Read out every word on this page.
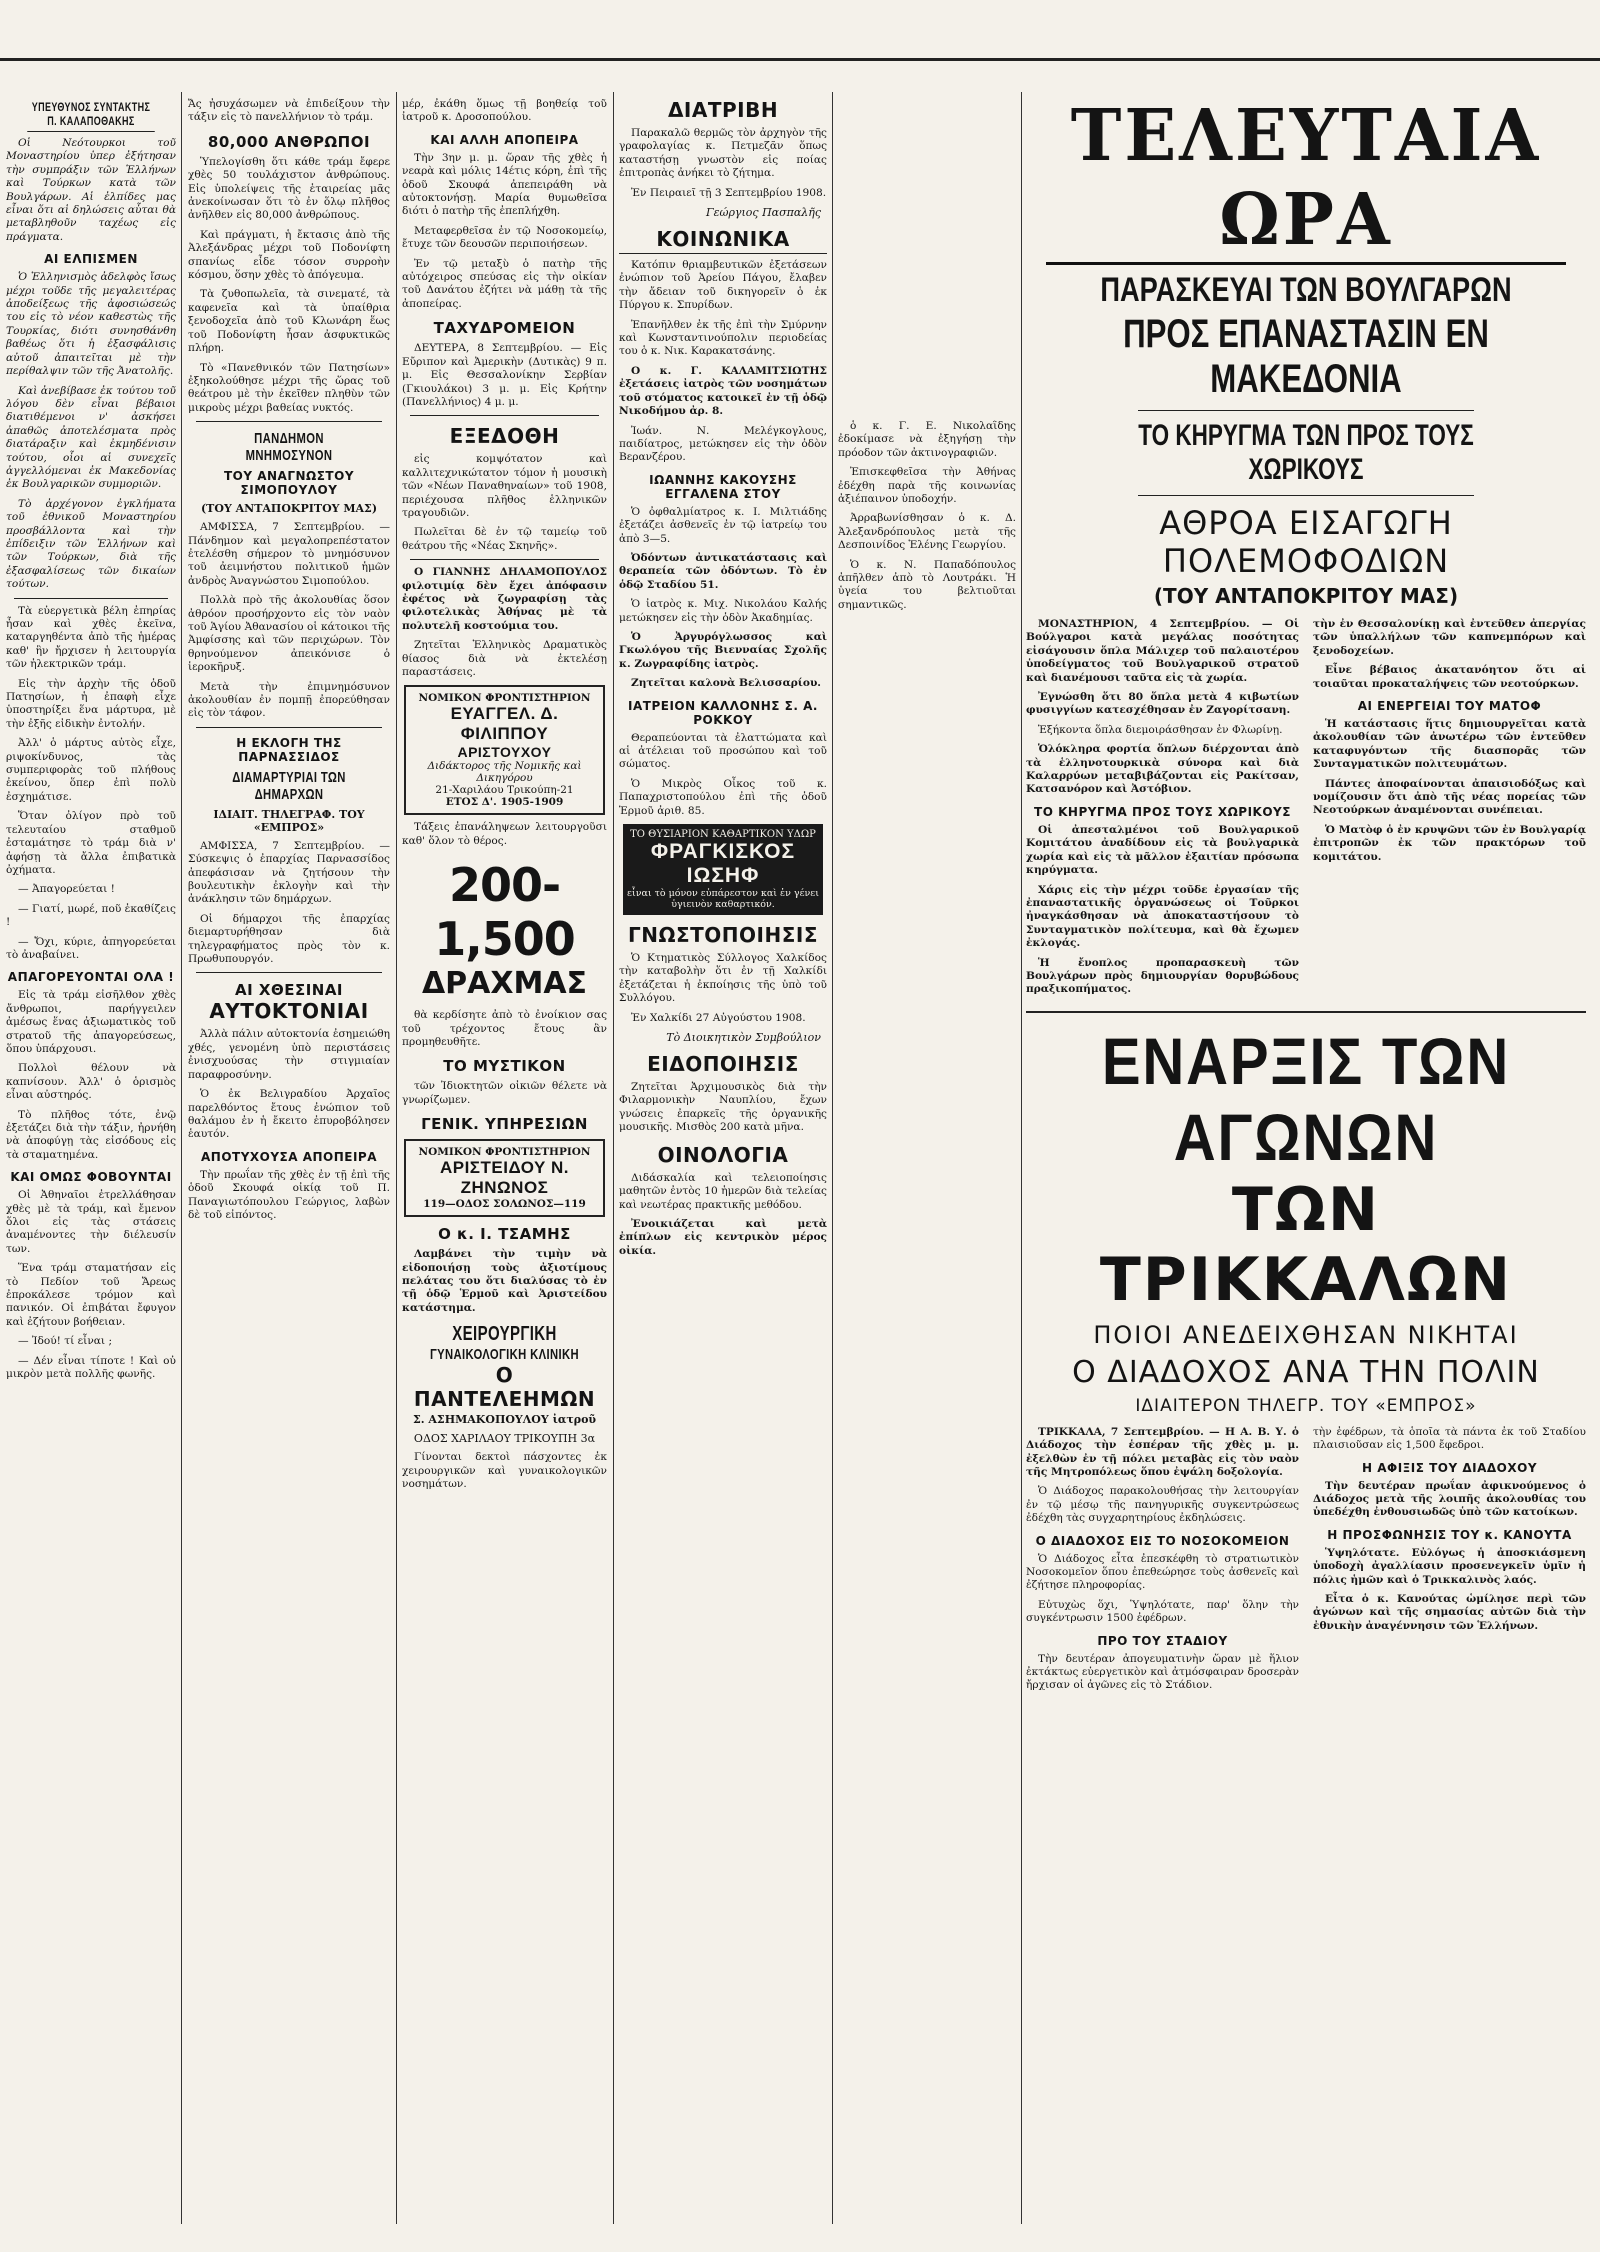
ΥΠΕΥΘΥΝΟΣ ΣΥΝΤΑΚΤΗΣ Π. ΚΑΛΑΠΟΘΑΚΗΣ

Οἱ Νεότουρκοι τοῦ Μοναστηρίου ὑπερ ἐξήτησαν τὴν συμπράξιν τῶν Ἑλλήνων καὶ Τούρκων κατὰ τῶν Βουλγάρων. Αἱ ἐλπίδες μας εἶναι ὅτι αἱ δηλώσεις αὗται θὰ μεταβληθοῦν ταχέως εἰς πράγματα.

ΑΙ ΕΛΠΙΣΜΕΝ

Ὁ Ἑλληνισμὸς ἀδελφὸς ἴσως μέχρι τοῦδε τῆς μεγαλειτέρας ἀποδείξεως τῆς ἀφοσιώσεώς του εἰς τὸ νέον καθεστὼς τῆς Τουρκίας, διότι συνησθάνθη βαθέως ὅτι ἡ ἐξασφάλισις αὐτοῦ ἀπαιτεῖται μὲ τὴν περίθαλψιν τῶν τῆς Ἀνατολῆς.

Καὶ ἀνεβίβασε ἐκ τούτου τοῦ λόγου δὲν εἶναι βέβαιοι διατιθέμενοι ν' ἀσκήσει ἀπαθῶς ἀποτελέσματα πρὸς διατάραξιν καὶ ἐκμηδένισιν τούτου, οἷοι αἱ συνεχεῖς ἀγγελλόμεναι ἐκ Μακεδονίας ἐκ Βουλγαρικῶν συμμοριῶν.

Τὸ ἀρχέγονον ἐγκλήματα τοῦ ἐθνικοῦ Μοναστηρίου προσβάλλοντα καὶ τὴν ἐπίδειξιν τῶν Ἑλλήνων καὶ τῶν Τούρκων, διὰ τῆς ἐξασφαλίσεως τῶν δικαίων τούτων.

Τὰ εὐεργετικὰ βέλη ἐπηρίας ἦσαν καὶ χθὲς ἐκεῖνα, καταργηθέντα ἀπὸ τῆς ἡμέρας καθ' ἣν ἤρχισεν ἡ λειτουργία τῶν ἠλεκτρικῶν τράμ.

Εἰς τὴν ἀρχὴν τῆς ὁδοῦ Πατησίων, ἡ ἐπαφὴ εἶχε ὑποστηρίξει ἕνα μάρτυρα, μὲ τὴν ἐξῆς εἰδικὴν ἐντολήν.

Ἀλλ' ὁ μάρτυς αὐτὸς εἶχε, ριψοκίνδυνος, τὰς συμπεριφορὰς τοῦ πλήθους ἐκείνου, ὅπερ ἐπὶ πολὺ ἐσχημάτισε.

Ὅταν ὀλίγον πρὸ τοῦ τελευταίου σταθμοῦ ἐσταμάτησε τὸ τράμ διὰ ν' ἀφήσῃ τὰ ἄλλα ἐπιβατικὰ ὀχήματα.

— Ἀπαγορεύεται !

— Γιατί, μωρέ, ποῦ ἐκαθίζεις !

— Ὄχι, κύριε, ἀπηγορεύεται τὸ ἀναβαίνει.

ΑΠΑΓΟΡΕΥΟΝΤΑΙ ΟΛΑ !

Εἰς τὰ τράμ εἰσῆλθον χθὲς ἄνθρωποι, παρήγγειλεν ἀμέσως ἕνας ἀξιωματικὸς τοῦ στρατοῦ τῆς ἀπαγορεύσεως, ὅπου ὑπάρχουσι.

Πολλοὶ θέλουν νὰ καπνίσουν. Ἀλλ' ὁ ὁρισμὸς εἶναι αὐστηρός.

Τὸ πλῆθος τότε, ἐνῷ ἐξετάζει διὰ τὴν τάξιν, ἠρνήθη νὰ ἀποφύγῃ τὰς εἰσόδους εἰς τὰ σταματημένα.

ΚΑΙ ΟΜΩΣ ΦΟΒΟΥΝΤΑΙ

Οἱ Ἀθηναῖοι ἐτρελλάθησαν χθὲς μὲ τὰ τράμ, καὶ ἔμενον ὅλοι εἰς τὰς στάσεις ἀναμένοντες τὴν διέλευσίν των.

Ἕνα τράμ σταματήσαν εἰς τὸ Πεδίον τοῦ Ἄρεως ἐπροκάλεσε τρόμον καὶ πανικόν. Οἱ ἐπιβάται ἔφυγον καὶ ἐζήτουν βοήθειαν.

— Ἰδού! τί εἶναι ;

— Δέν εἶναι τίποτε ! Καὶ οὐ μικρὸν μετὰ πολλῆς φωνῆς.

Ἄς ἠσυχάσωμεν νὰ ἐπιδείξουν τὴν τάξιν εἰς τὸ πανελλήνιον τὸ τράμ.

80,000 ΑΝΘΡΩΠΟΙ

Ὑπελογίσθη ὅτι κάθε τράμ ἔφερε χθὲς 50 τουλάχιστον ἀνθρώπους. Εἰς ὑπολείψεις τῆς ἑταιρείας μᾶς ἀνεκοίνωσαν ὅτι τὸ ἐν ὅλῳ πλῆθος ἀνῆλθεν εἰς 80,000 ἀνθρώπους.

Καὶ πράγματι, ἡ ἔκτασις ἀπὸ τῆς Ἀλεξάνδρας μέχρι τοῦ Ποδονίφτη σπανίως εἶδε τόσον συρροὴν κόσμου, ὅσην χθὲς τὸ ἀπόγευμα.

Τὰ ζυθοπωλεῖα, τὰ σινεματέ, τὰ καφενεῖα καὶ τὰ ὑπαίθρια ξενοδοχεῖα ἀπὸ τοῦ Κλωνάρη ἕως τοῦ Ποδονίφτη ἦσαν ἀσφυκτικῶς πλήρη.

Τὸ «Πανεθνικόν τῶν Πατησίων» ἐξηκολούθησε μέχρι τῆς ὥρας τοῦ θεάτρου μὲ τὴν ἐκεῖθεν πληθὺν τῶν μικροὺς μέχρι βαθείας νυκτός.

ΠΑΝΔΗΜΟΝ ΜΝΗΜΟΣΥΝΟΝ
ΤΟΥ ΑΝΑΓΝΩΣΤΟΥ ΣΙΜΟΠΟΥΛΟΥ
(ΤΟΥ ΑΝΤΑΠΟΚΡΙΤΟΥ ΜΑΣ)

ΑΜΦΙΣΣΑ, 7 Σεπτεμβρίου. — Πάνδημον καὶ μεγαλοπρεπέστατον ἐτελέσθη σήμερον τὸ μνημόσυνον τοῦ ἀειμνήστου πολιτικοῦ ἡμῶν ἀνδρὸς Ἀναγνώστου Σιμοπούλου.

Πολλὰ πρὸ τῆς ἀκολουθίας ὅσον ἀθρόον προσήρχοντο εἰς τὸν ναὸν τοῦ Ἁγίου Ἀθανασίου οἱ κάτοικοι τῆς Ἀμφίσσης καὶ τῶν περιχώρων. Τὸν θρηνούμενον ἀπεικόνισε ὁ ἱεροκῆρυξ.

Μετὰ τὴν ἐπιμνημόσυνον ἀκολουθίαν ἐν πομπῇ ἐπορεύθησαν εἰς τὸν τάφον.

Η ΕΚΛΟΓΗ ΤΗΣ ΠΑΡΝΑΣΣΙΔΟΣ
ΔΙΑΜΑΡΤΥΡΙΑΙ ΤΩΝ ΔΗΜΑΡΧΩΝ
ΙΔΙΑΙΤ. ΤΗΛΕΓΡΑΦ. ΤΟΥ «ΕΜΠΡΟΣ»

ΑΜΦΙΣΣΑ, 7 Σεπτεμβρίου. — Σύσκεψις ὁ ἐπαρχίας Παρνασσίδος ἀπεφάσισαν νὰ ζητήσουν τὴν βουλευτικὴν ἐκλογὴν καὶ τὴν ἀνάκλησιν τῶν δημάρχων.

Οἱ δήμαρχοι τῆς ἐπαρχίας διεμαρτυρήθησαν διὰ τηλεγραφήματος πρὸς τὸν κ. Πρωθυπουργόν.

ΑΙ ΧΘΕΣΙΝΑΙ
ΑΥΤΟΚΤΟΝΙΑΙ

Ἀλλὰ πάλιν αὐτοκτονία ἐσημειώθη χθές, γενομένη ὑπὸ περιστάσεις ἐνισχυούσας τὴν στιγμιαίαν παραφροσύνην.

Ὁ ἐκ Βελιγραδίου Ἀρχαῖος παρελθόντος ἔτους ἐνώπιον τοῦ θαλάμου ἐν ἡ ἔκειτο ἐπυροβόλησεν ἑαυτόν.

ΑΠΟΤΥΧΟΥΣΑ ΑΠΟΠΕΙΡΑ

Τὴν πρωΐαν τῆς χθὲς ἐν τῇ ἐπὶ τῆς ὁδοῦ Σκουφά οἰκίᾳ τοῦ Π. Παναγιωτόπουλου Γεώργιος, λαβὼν δὲ τοῦ εἰπόντος.

μέρ, ἐκάθη ὅμως τῇ βοηθείᾳ τοῦ ἰατροῦ κ. Δροσοπούλου.

ΚΑΙ ΑΛΛΗ ΑΠΟΠΕΙΡΑ

Τὴν 3ην μ. μ. ὥραν τῆς χθὲς ἡ νεαρὰ καὶ μόλις 14έτις κόρη, ἐπὶ τῆς ὁδοῦ Σκουφά ἀπεπειράθη νὰ αὐτοκτονήσῃ. Μαρία θυμωθεῖσα διότι ὁ πατὴρ τῆς ἐπεπλήχθη.

Μεταφερθεῖσα ἐν τῷ Νοσοκομείῳ, ἔτυχε τῶν δεουσῶν περιποιήσεων.

Ἐν τῷ μεταξὺ ὁ πατὴρ τῆς αὐτόχειρος σπεύσας εἰς τὴν οἰκίαν τοῦ Δανάτου ἐζήτει νὰ μάθῃ τὰ τῆς ἀποπείρας.

ΤΑΧΥΔΡΟΜΕΙΟΝ

ΔΕΥΤΕΡΑ, 8 Σεπτεμβρίου. — Εἰς Εὔριπον καὶ Ἀμερικὴν (Δυτικὰς) 9 π. μ. Εἰς Θεσσαλονίκην Σερβίαν (Γκιουλάκοι) 3 μ. μ. Εἰς Κρήτην (Πανελλήνιος) 4 μ. μ.

ΕΞΕΔΟΘΗ

εἰς κομψότατον καὶ καλλιτεχνικώτατον τόμον ἡ μουσικὴ τῶν «Νέων Παναθηναίων» τοῦ 1908, περιέχουσα πλῆθος ἑλληνικῶν τραγουδιῶν.

Πωλεῖται δὲ ἐν τῷ ταμείῳ τοῦ θεάτρου τῆς «Νέας Σκηνῆς».

Ο ΓΙΑΝΝΗΣ ΔΗΛΑΜΟΠΟΥΛΟΣ φιλοτιμίᾳ δὲν ἔχει ἀπόφασιν ἐφέτος νὰ ζωγραφίσῃ τὰς φιλοτελικὰς Ἀθήνας μὲ τὰ πολυτελῆ κοστούμια του.

Ζητεῖται Ἑλληνικὸς Δραματικὸς θίασος διὰ νὰ ἐκτελέσῃ παραστάσεις.

ΝΟΜΙΚΟΝ ΦΡΟΝΤΙΣΤΗΡΙΟΝ
ΕΥΑΓΓΕΛ. Δ. ΦΙΛΙΠΠΟΥ
ΑΡΙΣΤΟΥΧΟΥ
Διδάκτορος τῆς Νομικῆς καὶ Δικηγόρου
21-Χαριλάου Τρικούπη-21
ΕΤΟΣ Δ'. 1905-1909

Τάξεις ἐπανάληψεων λειτουργοῦσι καθ' ὅλον τὸ θέρος.

200-1,500
ΔΡΑΧΜΑΣ

θὰ κερδίσητε ἀπὸ τὸ ἐνοίκιον σας τοῦ τρέχοντος ἔτους ἂν προμηθευθῆτε.

ΤΟ ΜΥΣΤΙΚΟΝ

τῶν Ἰδιοκτητῶν οἰκιῶν θέλετε νὰ γνωρίζωμεν.

ΓΕΝΙΚ. ΥΠΗΡΕΣΙΩΝ
ΝΟΜΙΚΟΝ ΦΡΟΝΤΙΣΤΗΡΙΟΝ
ΑΡΙΣΤΕΙΔΟΥ Ν. ΖΗΝΩΝΟΣ
119—ΟΔΟΣ ΣΟΛΩΝΟΣ—119
Ο κ. Ι. ΤΣΑΜΗΣ

Λαμβάνει τὴν τιμὴν νὰ εἰδοποιήσῃ τοὺς ἀξιοτίμους πελάτας του ὅτι διαλύσας τὸ ἐν τῇ ὁδῷ Ἑρμοῦ καὶ Ἀριστείδου κατάστημα.

ΧΕΙΡΟΥΡΓΙΚΗ
ΓΥΝΑΙΚΟΛΟΓΙΚΗ ΚΛΙΝΙΚΗ
Ο ΠΑΝΤΕΛΕΗΜΩΝ
Σ. ΑΣΗΜΑΚΟΠΟΥΛΟΥ ἰατροῦ
ΟΔΟΣ ΧΑΡΙΛΑΟΥ ΤΡΙΚΟΥΠΗ 3α

Γίνονται δεκτοὶ πάσχοντες ἐκ χειρουργικῶν καὶ γυναικολογικῶν νοσημάτων.

ΔΙΑΤΡΙΒΗ

Παρακαλῶ θερμῶς τὸν ἀρχηγὸν τῆς γραφολαγίας κ. Πετμεζᾶν ὅπως καταστήσῃ γνωστὸν εἰς ποίας ἐπιτροπὰς ἀνήκει τὸ ζήτημα.

Ἐν Πειραιεῖ τῇ 3 Σεπτεμβρίου 1908.

Γεώργιος Πασπαλῆς
ΚΟΙΝΩΝΙΚΑ

Κατόπιν θριαμβευτικῶν ἐξετάσεων ἐνώπιον τοῦ Ἀρείου Πάγου, ἔλαβεν τὴν ἄδειαν τοῦ δικηγορεῖν ὁ ἐκ Πύργου κ. Σπυρίδων.

Ἐπανῆλθεν ἐκ τῆς ἐπὶ τὴν Σμύρνην καὶ Κωνσταντινούπολιν περιοδείας του ὁ κ. Νικ. Καρακατσάνης.

Ο κ. Γ. ΚΑΛΑΜΙΤΣΙΩΤΗΣ ἐξετάσεις ἰατρὸς τῶν νοσημάτων τοῦ στόματος κατοικεῖ ἐν τῇ ὁδῷ Νικοδήμου ἀρ. 8.

Ἰωάν. Ν. Μελέγκογλους, παιδίατρος, μετώκησεν εἰς τὴν ὁδὸν Βερανζέρου.

ΙΩΑΝΝΗΣ ΚΑΚΟΥΣΗΣ ΕΓΓΑΛΕΝΑ ΣΤΟΥ

Ὁ ὀφθαλμίατρος κ. Ι. Μιλτιάδης ἐξετάζει ἀσθενεῖς ἐν τῷ ἰατρείῳ του ἀπὸ 3—5.

Ὀδόντων ἀντικατάστασις καὶ θεραπεία τῶν ὀδόντων. Τὸ ἐν ὁδῷ Σταδίου 51.

Ὁ ἰατρὸς κ. Μιχ. Νικολάου Καλής μετώκησεν εἰς τὴν ὁδὸν Ἀκαδημίας.

Ὁ Ἀργυρόγλωσσος καὶ Γκωλόγου τῆς Βιενναίας Σχολῆς κ. Ζωγραφίδης ἰατρὸς.

Ζητεῖται καλονὰ Βελισσαρίου.

ΙΑΤΡΕΙΟΝ ΚΑΛΛΟΝΗΣ Σ. Α. ΡΟΚΚΟΥ

Θεραπεύονται τὰ ἐλαττώματα καὶ αἱ ἀτέλειαι τοῦ προσώπου καὶ τοῦ σώματος.

Ὁ Μικρὸς Οἶκος τοῦ κ. Παπαχριστοπούλου ἐπὶ τῆς ὁδοῦ Ἑρμοῦ ἀριθ. 85.

ΤΟ ΘΥΣΙΑΡΙΟΝ ΚΑΘΑΡΤΙΚΟΝ ΥΔΩΡ
ΦΡΑΓΚΙΣΚΟΣ ΙΩΣΗΦ
εἶναι τὸ μόνον εὐπάρεστον καὶ ἐν γένει ὑγιεινὸν καθαρτικόν.
ΓΝΩΣΤΟΠΟΙΗΣΙΣ

Ὁ Κτηματικὸς Σύλλογος Χαλκίδος τὴν καταβολὴν ὅτι ἐν τῇ Χαλκίδι ἐξετάζεται ἡ ἐκποίησις τῆς ὑπὸ τοῦ Συλλόγου.

Ἐν Χαλκίδι 27 Αὐγούστου 1908.

Τὸ Διοικητικὸν Συμβούλιον
ΕΙΔΟΠΟΙΗΣΙΣ

Ζητεῖται Ἀρχιμουσικὸς διὰ τὴν Φιλαρμονικὴν Ναυπλίου, ἔχων γνώσεις ἐπαρκεῖς τῆς ὀργανικῆς μουσικῆς. Μισθὸς 200 κατὰ μῆνα.

ΟΙΝΟΛΟΓΙΑ

Διδάσκαλία καὶ τελειοποίησις μαθητῶν ἐντὸς 10 ἡμερῶν διὰ τελείας καὶ νεωτέρας πρακτικῆς μεθόδου.

Ἐνοικιάζεται καὶ μετὰ ἐπίπλων εἰς κεντρικὸν μέρος οἰκία.

ὁ κ. Γ. Ε. Νικολαΐδης ἐδοκίμασε νὰ ἐξηγήσῃ τὴν πρόοδον τῶν ἀκτινογραφιῶν.

Ἐπισκεφθεῖσα τὴν Ἀθήνας ἐδέχθη παρὰ τῆς κοινωνίας ἀξιέπαινον ὑποδοχήν.

Ἀρραβωνίσθησαν ὁ κ. Δ. Ἀλεξανδρόπουλος μετὰ τῆς Δεσποινίδος Ἑλένης Γεωργίου.

Ὁ κ. Ν. Παπαδόπουλος ἀπῆλθεν ἀπὸ τὸ Λουτράκι. Ἡ ὑγεία του βελτιοῦται σημαντικῶς.

ΤΕΛΕΥΤΑΙΑ ΩΡΑ
ΠΑΡΑΣΚΕΥΑΙ ΤΩΝ ΒΟΥΛΓΑΡΩΝ
ΠΡΟΣ ΕΠΑΝΑΣΤΑΣΙΝ ΕΝ ΜΑΚΕΔΟΝΙΑ
ΤΟ ΚΗΡΥΓΜΑ ΤΩΝ ΠΡΟΣ ΤΟΥΣ ΧΩΡΙΚΟΥΣ
ΑΘΡΟΑ ΕΙΣΑΓΩΓΗ ΠΟΛΕΜΟΦΟΔΙΩΝ
(ΤΟΥ ΑΝΤΑΠΟΚΡΙΤΟΥ ΜΑΣ)

ΜΟΝΑΣΤΗΡΙΟΝ, 4 Σεπτεμβρίου. — Οἱ Βούλγαροι κατὰ μεγάλας ποσότητας εἰσάγουσιν ὅπλα Μάλιχερ τοῦ παλαιοτέρου ὑποδείγματος τοῦ Βουλγαρικοῦ στρατοῦ καὶ διανέμουσι ταῦτα εἰς τὰ χωρία.

Ἐγνώσθη ὅτι 80 ὅπλα μετὰ 4 κιβωτίων φυσιγγίων κατεσχέθησαν ἐν Ζαγορίτσανη.

Ἑξήκοντα ὅπλα διεμοιράσθησαν ἐν Φλωρίνῃ.

Ὁλόκληρα φορτία ὅπλων διέρχονται ἀπὸ τὰ ἑλληνοτουρκικὰ σύνορα καὶ διὰ Καλαρρύων μεταβιβάζονται εἰς Ρακίτσαν, Κατσανόρον καὶ Ἀστόβιον.

ΤΟ ΚΗΡΥΓΜΑ ΠΡΟΣ ΤΟΥΣ ΧΩΡΙΚΟΥΣ

Οἱ ἀπεσταλμένοι τοῦ Βουλγαρικοῦ Κομιτάτου ἀναδίδουν εἰς τὰ βουλγαρικὰ χωρία καὶ εἰς τὰ μᾶλλον ἐξαιτίαν πρόσωπα κηρύγματα.

Χάρις εἰς τὴν μέχρι τοῦδε ἐργασίαν τῆς ἐπαναστατικῆς ὀργανώσεως οἱ Τοῦρκοι ἠναγκάσθησαν νὰ ἀποκαταστήσουν τὸ Συνταγματικὸν πολίτευμα, καὶ θὰ ἔχωμεν ἐκλογάς.

Ἡ ἔνοπλος προπαρασκευὴ τῶν Βουλγάρων πρὸς δημιουργίαν θορυβώδους πραξικοπήματος.

τὴν ἐν Θεσσαλονίκῃ καὶ ἐντεῦθεν ἀπεργίας τῶν ὑπαλλήλων τῶν καπνεμπόρων καὶ ξενοδοχείων.

Εἶνε βέβαιος ἀκατανόητον ὅτι αἱ τοιαῦται προκαταλήψεις τῶν νεοτούρκων.

ΑΙ ΕΝΕΡΓΕΙΑΙ ΤΟΥ ΜΑΤΟΦ

Ἡ κατάστασις ἥτις δημιουργεῖται κατὰ ἀκολουθίαν τῶν ἀνωτέρω τῶν ἐντεῦθεν καταφυγόντων τῆς διασπορᾶς τῶν Συνταγματικῶν πολιτευμάτων.

Πάντες ἀποφαίνονται ἀπαισιοδόξως καὶ νομίζουσιν ὅτι ἀπὸ τῆς νέας πορείας τῶν Νεοτούρκων ἀναμένονται συνέπειαι.

Ὁ Ματὸφ ὁ ἐν κρυψῶνι τῶν ἐν Βουλγαρίᾳ ἐπιτροπῶν ἐκ τῶν πρακτόρων τοῦ κομιτάτου.

ΕΝΑΡΞΙΣ ΤΩΝ ΑΓΩΝΩΝ
ΤΩΝ ΤΡΙΚΚΑΛΩΝ
ΠΟΙΟΙ ΑΝΕΔΕΙΧΘΗΣΑΝ ΝΙΚΗΤΑΙ
Ο ΔΙΑΔΟΧΟΣ ΑΝΑ ΤΗΝ ΠΟΛΙΝ
ΙΔΙΑΙΤΕΡΟΝ ΤΗΛΕΓΡ. ΤΟΥ «ΕΜΠΡΟΣ»

ΤΡΙΚΚΑΛΑ, 7 Σεπτεμβρίου. — Η Α. Β. Υ. ὁ Διάδοχος τὴν ἑσπέραν τῆς χθὲς μ. μ. ἐξελθὼν ἐν τῇ πόλει μεταβὰς εἰς τὸν ναὸν τῆς Μητροπόλεως ὅπου ἐψάλη δοξολογία.

Ὁ Διάδοχος παρακολουθήσας τὴν λειτουργίαν ἐν τῷ μέσῳ τῆς πανηγυρικῆς συγκεντρώσεως ἐδέχθη τὰς συγχαρητηρίους ἐκδηλώσεις.

Ο ΔΙΑΔΟΧΟΣ ΕΙΣ ΤΟ ΝΟΣΟΚΟΜΕΙΟΝ

Ὁ Διάδοχος εἶτα ἐπεσκέφθη τὸ στρατιωτικὸν Νοσοκομεῖον ὅπου ἐπεθεώρησε τοὺς ἀσθενεῖς καὶ ἐζήτησε πληροφορίας.

Εὐτυχὼς ὅχι, Ὑψηλότατε, παρ' ὅλην τὴν συγκέντρωσιν 1500 ἐφέδρων.

ΠΡΟ ΤΟΥ ΣΤΑΔΙΟΥ

Τὴν δευτέραν ἀπογευματινὴν ὥραν μὲ ἥλιον ἐκτάκτως εὐεργετικὸν καὶ ἀτμόσφαιραν δροσερὰν ἤρχισαν οἱ ἀγῶνες εἰς τὸ Στάδιον.

τὴν ἐφέδρων, τὰ ὁποῖα τὰ πάντα ἐκ τοῦ Σταδίου πλαισιοῦσαν εἰς 1,500 ἔφεδροι.

Η ΑΦΙΞΙΣ ΤΟΥ ΔΙΑΔΟΧΟΥ

Τὴν δευτέραν πρωΐαν ἀφικνούμενος ὁ Διάδοχος μετὰ τῆς λοιπῆς ἀκολουθίας του ὑπεδέχθη ἐνθουσιωδῶς ὑπὸ τῶν κατοίκων.

Η ΠΡΟΣΦΩΝΗΣΙΣ ΤΟΥ κ. ΚΑΝΟΥΤΑ

Ὑψηλότατε. Εὐλόγως ἡ ἀποσκιάσμενη ὑποδοχὴ ἀγαλλίασιν προσενεγκεῖν ὑμῖν ἡ πόλις ἡμῶν καὶ ὁ Τρικκαλινὸς λαός.

Εἶτα ὁ κ. Κανούτας ὡμίλησε περὶ τῶν ἀγώνων καὶ τῆς σημασίας αὐτῶν διὰ τὴν ἐθνικὴν ἀναγέννησιν τῶν Ἑλλήνων.
